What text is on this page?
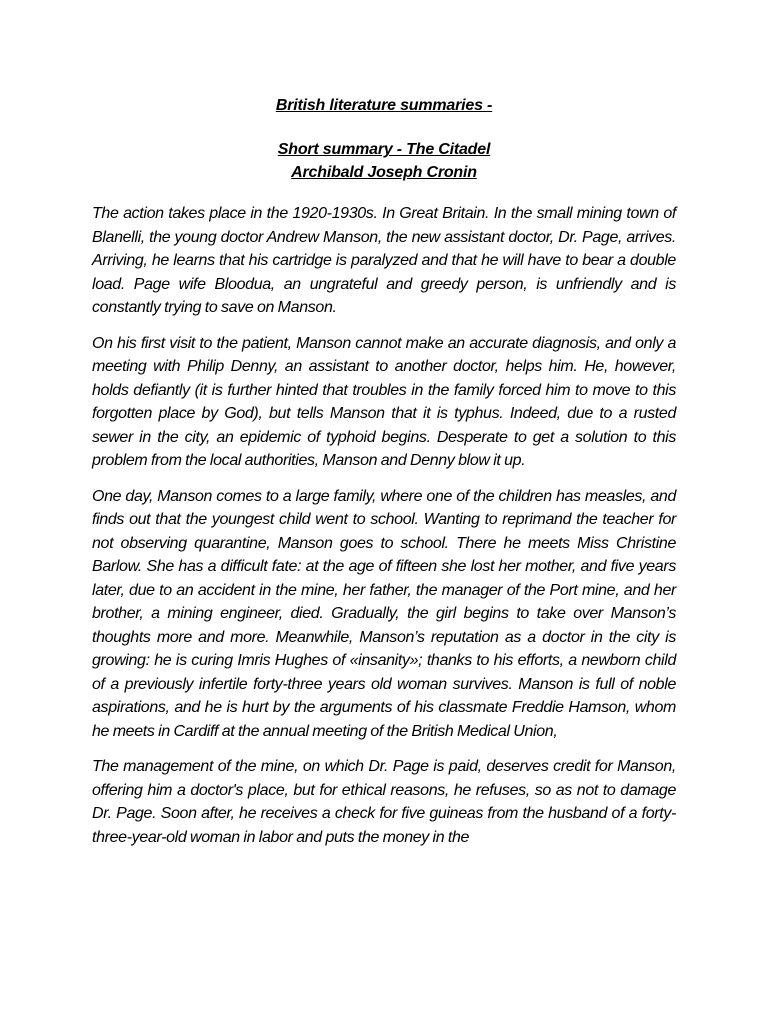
British literature summaries -
Short summary - The Citadel
Archibald Joseph Cronin

The action takes place in the 1920-1930s. In Great Britain. In the small mining town of Blanelli, the young doctor Andrew Manson, the new assistant doctor, Dr. Page, arrives. Arriving, he learns that his cartridge is paralyzed and that he will have to bear a double load. Page wife Bloodua, an ungrateful and greedy person, is unfriendly and is constantly trying to save on Manson.

On his first visit to the patient, Manson cannot make an accurate diagnosis, and only a meeting with Philip Denny, an assistant to another doctor, helps him. He, however, holds defiantly (it is further hinted that troubles in the family forced him to move to this forgotten place by God), but tells Manson that it is typhus. Indeed, due to a rusted sewer in the city, an epidemic of typhoid begins. Desperate to get a solution to this problem from the local authorities, Manson and Denny blow it up.

One day, Manson comes to a large family, where one of the children has measles, and finds out that the youngest child went to school. Wanting to reprimand the teacher for not observing quarantine, Manson goes to school. There he meets Miss Christine Barlow. She has a difficult fate: at the age of fifteen she lost her mother, and five years later, due to an accident in the mine, her father, the manager of the Port mine, and her brother, a mining engineer, died. Gradually, the girl begins to take over Manson’s thoughts more and more. Meanwhile, Manson’s reputation as a doctor in the city is growing: he is curing Imris Hughes of «insanity»; thanks to his efforts, a newborn child of a previously infertile forty-three years old woman survives. Manson is full of noble aspirations, and he is hurt by the arguments of his classmate Freddie Hamson, whom he meets in Cardiff at the annual meeting of the British Medical Union,

The management of the mine, on which Dr. Page is paid, deserves credit for Manson, offering him a doctor's place, but for ethical reasons, he refuses, so as not to damage Dr. Page. Soon after, he receives a check for five guineas from the husband of a forty-three-year-old woman in labor and puts the money in the
